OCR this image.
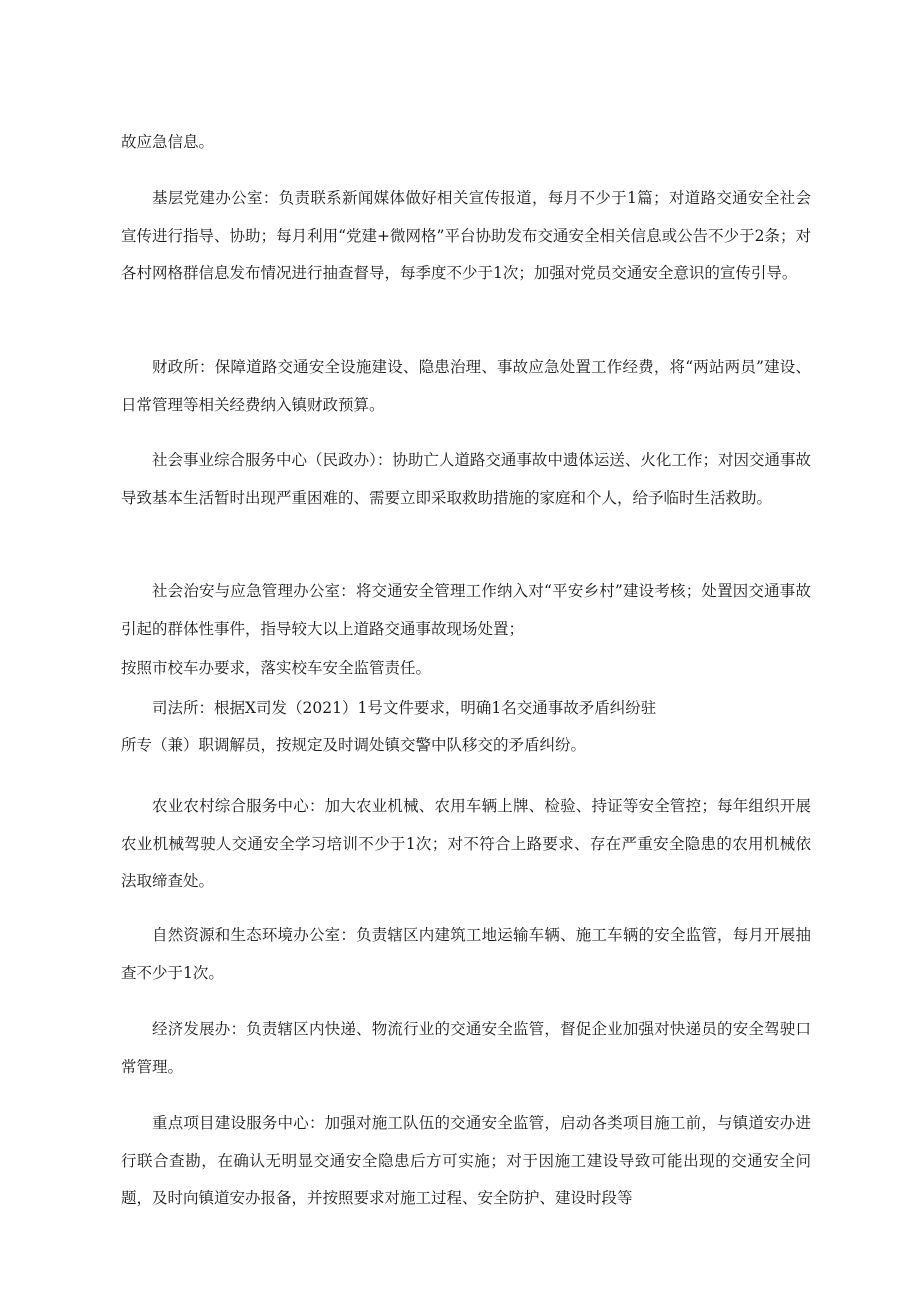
故应急信息。

基层党建办公室：负责联系新闻媒体做好相关宣传报道，每月不少于1篇；对道路交通安全社会宣传进行指导、协助；每月利用“党建+微网格”平台协助发布交通安全相关信息或公告不少于2条；对各村网格群信息发布情况进行抽查督导，每季度不少于1次；加强对党员交通安全意识的宣传引导。

财政所：保障道路交通安全设施建设、隐患治理、事故应急处置工作经费，将“两站两员”建设、日常管理等相关经费纳入镇财政预算。

社会事业综合服务中心（民政办）：协助亡人道路交通事故中遗体运送、火化工作；对因交通事故导致基本生活暂时出现严重困难的、需要立即采取救助措施的家庭和个人，给予临时生活救助。

社会治安与应急管理办公室：将交通安全管理工作纳入对“平安乡村”建设考核；处置因交通事故引起的群体性事件，指导较大以上道路交通事故现场处置；

按照市校车办要求，落实校车安全监管责任。

司法所：根据X司发（2021）1号文件要求，明确1名交通事故矛盾纠纷驻

所专（兼）职调解员，按规定及时调处镇交警中队移交的矛盾纠纷。

农业农村综合服务中心：加大农业机械、农用车辆上牌、检验、持证等安全管控；每年组织开展农业机械驾驶人交通安全学习培训不少于1次；对不符合上路要求、存在严重安全隐患的农用机械依法取缔查处。

自然资源和生态环境办公室：负责辖区内建筑工地运输车辆、施工车辆的安全监管，每月开展抽查不少于1次。

经济发展办：负责辖区内快递、物流行业的交通安全监管，督促企业加强对快递员的安全驾驶口常管理。

重点项目建设服务中心：加强对施工队伍的交通安全监管，启动各类项目施工前，与镇道安办进行联合查勘，在确认无明显交通安全隐患后方可实施；对于因施工建设导致可能出现的交通安全问题，及时向镇道安办报备，并按照要求对施工过程、安全防护、建设时段等
